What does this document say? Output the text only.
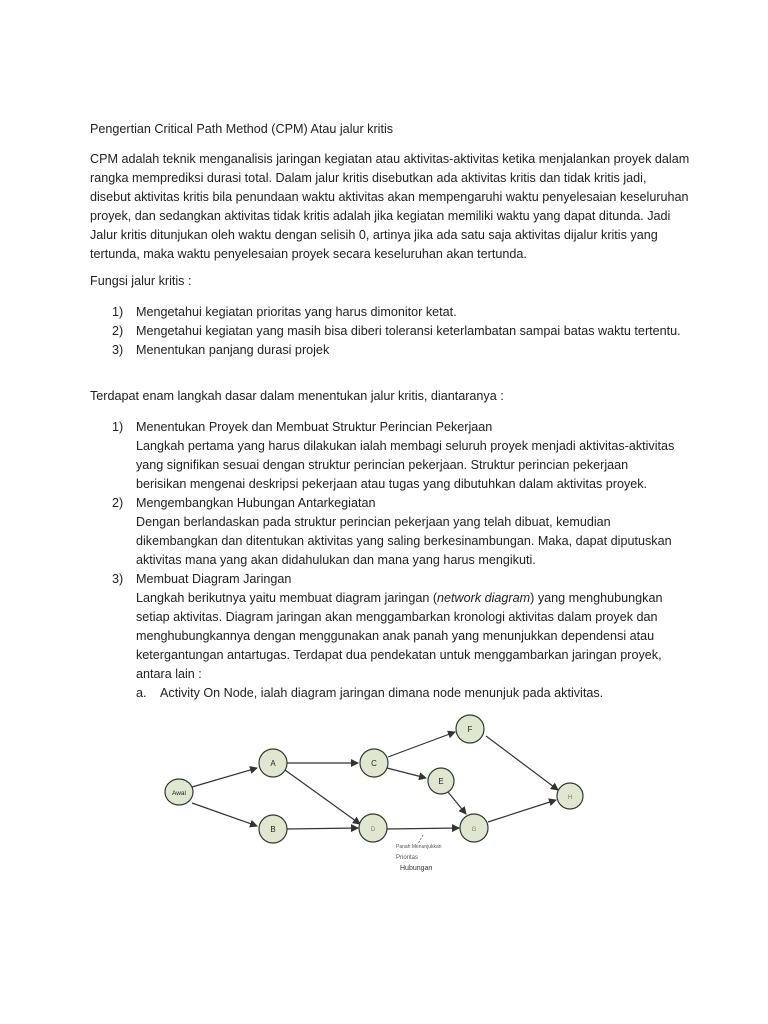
Pengertian Critical Path Method (CPM) Atau jalur kritis
CPM adalah teknik menganalisis jaringan kegiatan atau aktivitas-aktivitas ketika menjalankan proyek dalam rangka memprediksi durasi total. Dalam jalur kritis disebutkan ada aktivitas kritis dan tidak kritis jadi, disebut aktivitas kritis bila penundaan waktu aktivitas akan mempengaruhi waktu penyelesaian keseluruhan proyek, dan sedangkan aktivitas tidak kritis adalah jika kegiatan memiliki waktu yang dapat ditunda. Jadi Jalur kritis ditunjukan oleh waktu dengan selisih 0, artinya jika ada satu saja aktivitas dijalur kritis yang tertunda, maka waktu penyelesaian proyek secara keseluruhan akan tertunda.
Fungsi jalur kritis :
1) Mengetahui kegiatan prioritas yang harus dimonitor ketat.
2) Mengetahui kegiatan yang masih bisa diberi toleransi keterlambatan sampai batas waktu tertentu.
3) Menentukan panjang durasi projek
Terdapat enam langkah dasar dalam menentukan jalur kritis, diantaranya :
1) Menentukan Proyek dan Membuat Struktur Perincian Pekerjaan
Langkah pertama yang harus dilakukan ialah membagi seluruh proyek menjadi aktivitas-aktivitas yang signifikan sesuai dengan struktur perincian pekerjaan. Struktur perincian pekerjaan berisikan mengenai deskripsi pekerjaan atau tugas yang dibutuhkan dalam aktivitas proyek.
2) Mengembangkan Hubungan Antarkegiatan
Dengan berlandaskan pada struktur perincian pekerjaan yang telah dibuat, kemudian dikembangkan dan ditentukan aktivitas yang saling berkesinambungan. Maka, dapat diputuskan aktivitas mana yang akan didahulukan dan mana yang harus mengikuti.
3) Membuat Diagram Jaringan
Langkah berikutnya yaitu membuat diagram jaringan (network diagram) yang menghubungkan setiap aktivitas. Diagram jaringan akan menggambarkan kronologi aktivitas dalam proyek dan menghubungkannya dengan menggunakan anak panah yang menunjukkan dependensi atau ketergantungan antartugas. Terdapat dua pendekatan untuk menggambarkan jaringan proyek, antara lain :
a. Activity On Node, ialah diagram jaringan dimana node menunjuk pada aktivitas.
Awal
A
B
C
D
E
F
G
H
Panah Menunjukkan
Prioritas
Hubungan
